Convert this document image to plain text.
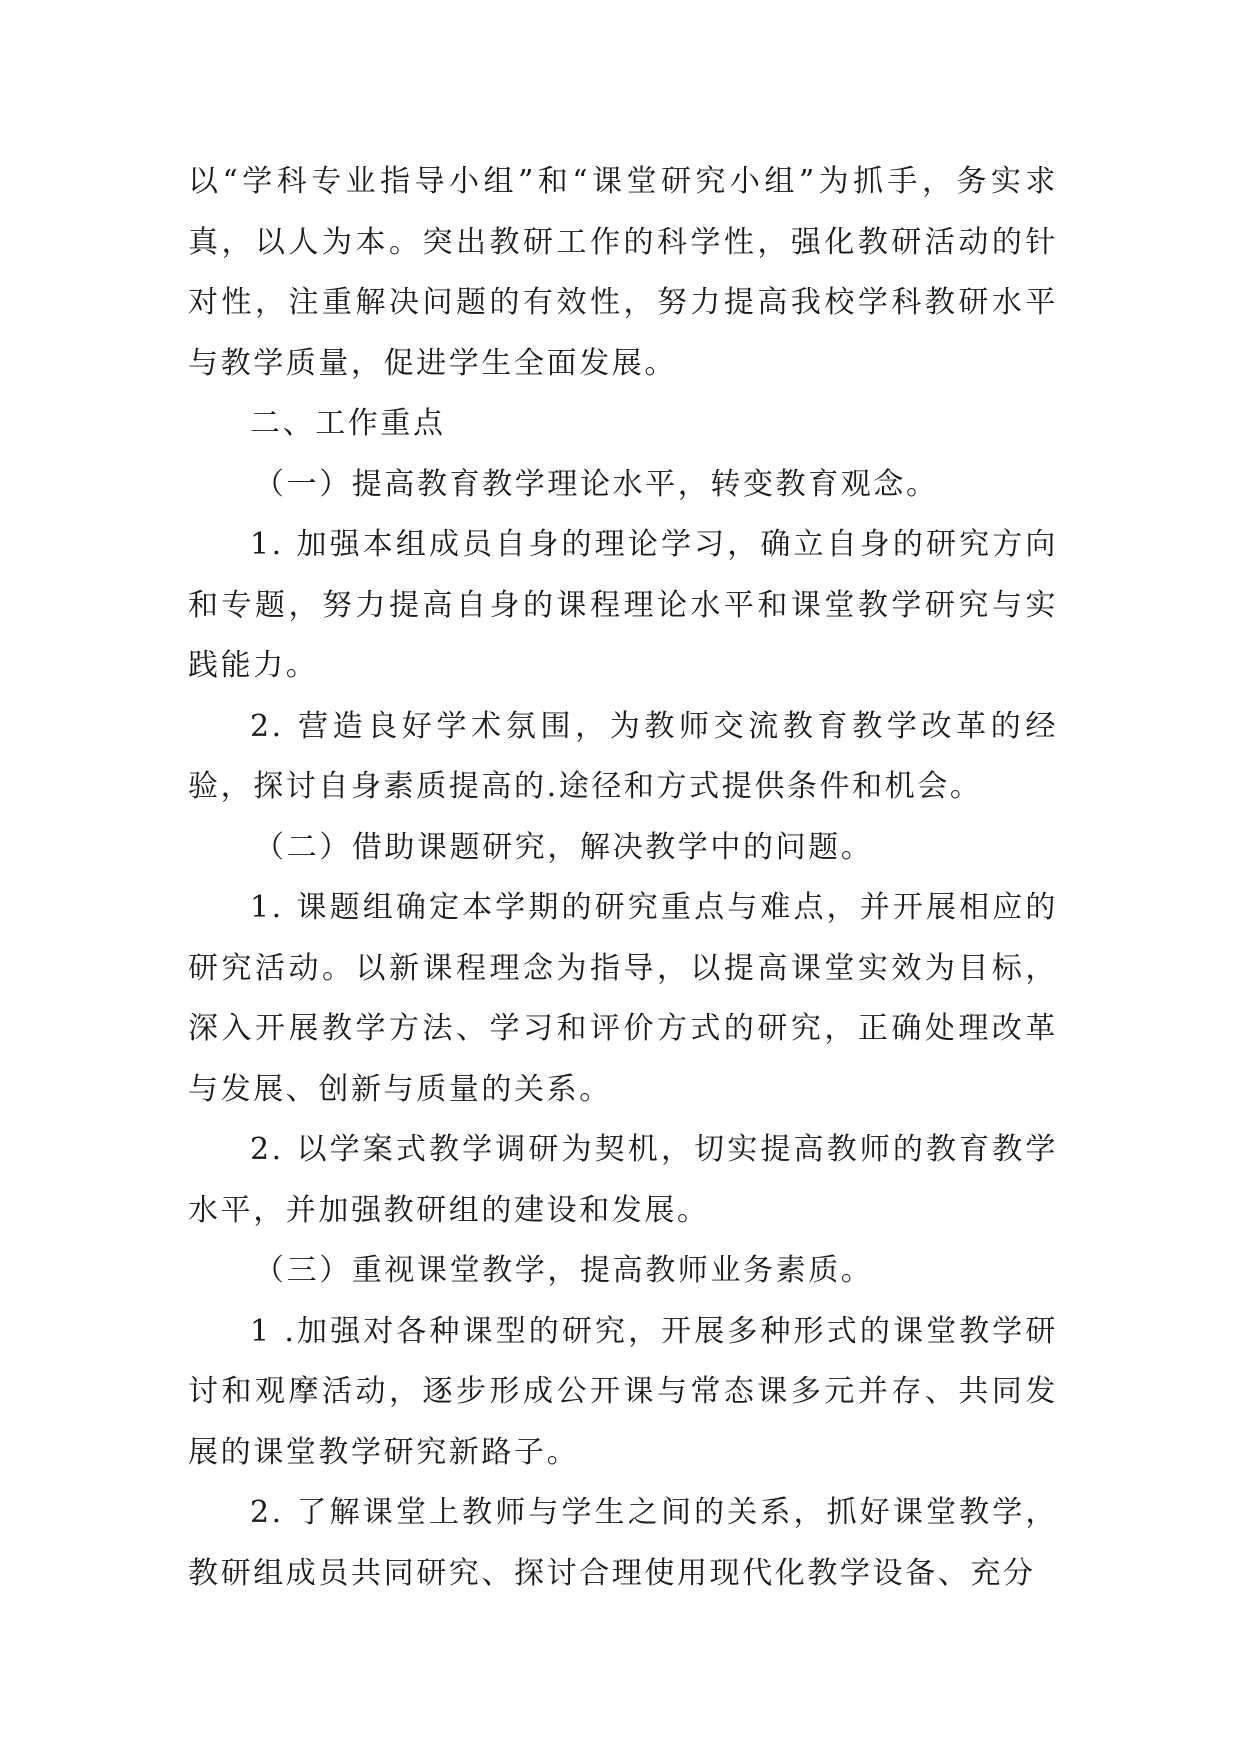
以“学科专业指导小组”和“课堂研究小组”为抓手，务实求真，以人为本。突出教研工作的科学性，强化教研活动的针对性，注重解决问题的有效性，努力提高我校学科教研水平与教学质量，促进学生全面发展。

二、工作重点

（一）提高教育教学理论水平，转变教育观念。

1. 加强本组成员自身的理论学习，确立自身的研究方向和专题，努力提高自身的课程理论水平和课堂教学研究与实践能力。

2. 营造良好学术氛围，为教师交流教育教学改革的经验，探讨自身素质提高的.途径和方式提供条件和机会。

（二）借助课题研究，解决教学中的问题。

1. 课题组确定本学期的研究重点与难点，并开展相应的研究活动。以新课程理念为指导，以提高课堂实效为目标，深入开展教学方法、学习和评价方式的研究，正确处理改革与发展、创新与质量的关系。

2. 以学案式教学调研为契机，切实提高教师的教育教学水平，并加强教研组的建设和发展。

（三）重视课堂教学，提高教师业务素质。

1 .加强对各种课型的研究，开展多种形式的课堂教学研讨和观摩活动，逐步形成公开课与常态课多元并存、共同发展的课堂教学研究新路子。

2. 了解课堂上教师与学生之间的关系，抓好课堂教学，教研组成员共同研究、探讨合理使用现代化教学设备、充分
